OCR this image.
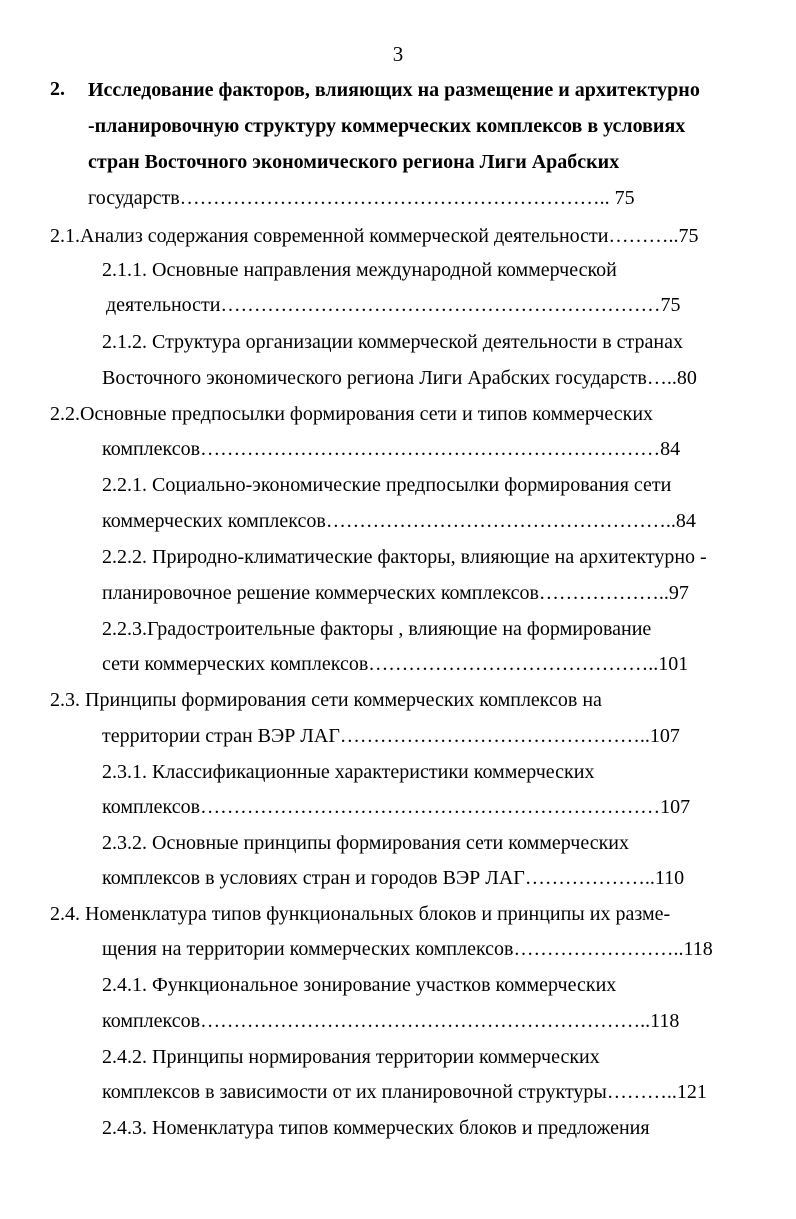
3
2. Исследование факторов, влияющих на размещение и архитектурно
-планировочную структуру коммерческих комплексов в условиях
стран Восточного экономического региона Лиги Арабских
государств……………………………………………………….. 75
2.1.Анализ содержания современной коммерческой деятельности………..75
2.1.1. Основные направления международной коммерческой
деятельности…………………………………………………………75
2.1.2. Структура организации коммерческой деятельности в странах
Восточного экономического региона Лиги Арабских государств…..80
2.2.Основные предпосылки формирования сети и типов коммерческих
комплексов……………………………………………………………84
2.2.1. Социально-экономические предпосылки формирования сети
коммерческих комплексов……………………………………………..84
2.2.2. Природно-климатические факторы, влияющие на архитектурно -
планировочное решение коммерческих комплексов………………..97
2.2.3.Градостроительные факторы , влияющие на формирование
сети коммерческих комплексов……………………………………..101
2.3. Принципы формирования сети коммерческих комплексов на
территории стран ВЭР ЛАГ………………………………………..107
2.3.1. Классификационные характеристики коммерческих
комплексов……………………………………………………………107
2.3.2. Основные принципы формирования сети коммерческих
комплексов в условиях стран и городов ВЭР ЛАГ………………..110
2.4. Номенклатура типов функциональных блоков и принципы их разме-
щения на территории коммерческих комплексов……………………..118
2.4.1. Функциональное зонирование участков коммерческих
комплексов…………………………………………………………..118
2.4.2. Принципы нормирования территории коммерческих
комплексов в зависимости от их планировочной структуры………..121
2.4.3. Номенклатура типов коммерческих блоков и предложения
